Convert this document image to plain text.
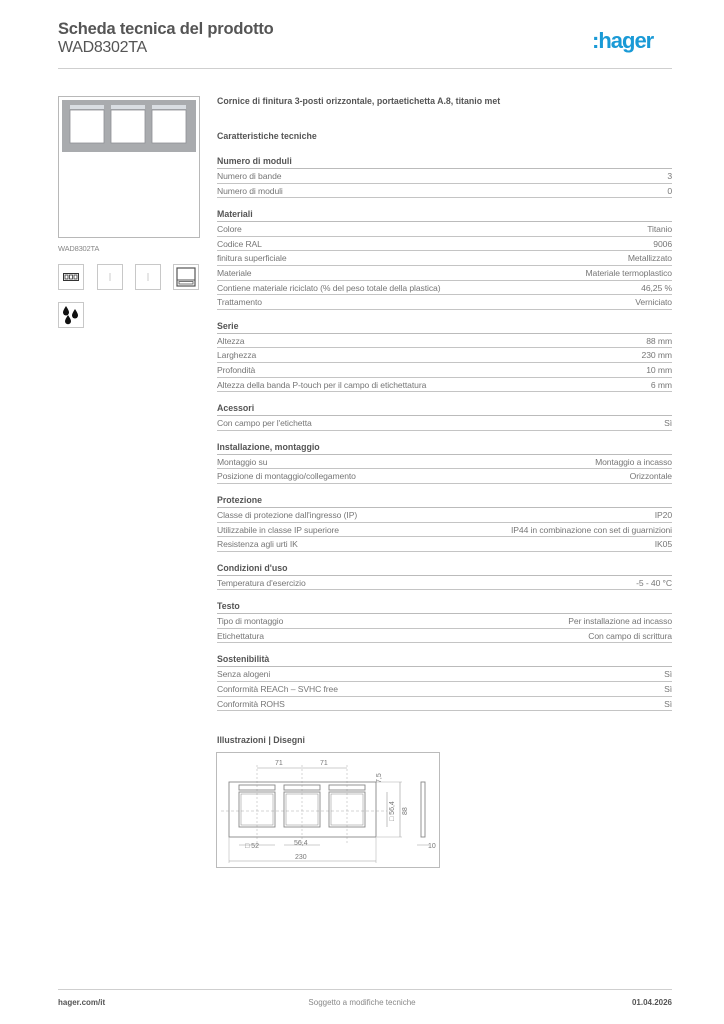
Scheda tecnica del prodotto
WAD8302TA	:hager
WAD8302TA
Cornice di finitura 3-posti orizzontale, portaetichetta A.8, titanio met
Caratteristiche tecniche
Numero di moduli
Numero di bande	3
Numero di moduli	0
Materiali
Colore	Titanio
Codice RAL	9006
finitura superficiale	Metallizzato
Materiale	Materiale termoplastico
Contiene materiale riciclato (% del peso totale della plastica)	46,25 %
Trattamento	Verniciato
Serie
Altezza	88 mm
Larghezza	230 mm
Profondità	10 mm
Altezza della banda P-touch per il campo di etichettatura	6 mm
Acessori
Con campo per l'etichetta	Sì
Installazione, montaggio
Montaggio su	Montaggio a incasso
Posizione di montaggio/collegamento	Orizzontale
Protezione
Classe di protezione dall'ingresso (IP)	IP20
Utilizzabile in classe IP superiore	IP44 in combinazione con set di guarnizioni
Resistenza agli urti IK	IK05
Condizioni d'uso
Temperatura d'esercizio	-5 - 40 °C
Testo
Tipo di montaggio	Per installazione ad incasso
Etichettatura	Con campo di scrittura
Sostenibilità
Senza alogeni	Sì
Conformità REACh – SVHC free	Sì
Conformità ROHS	Sì
Illustrazioni | Disegni
71	71
□ 56,4
7,5
88
10
□ 52	56,4
230
hager.com/it	Soggetto a modifiche tecniche	01.04.2026
